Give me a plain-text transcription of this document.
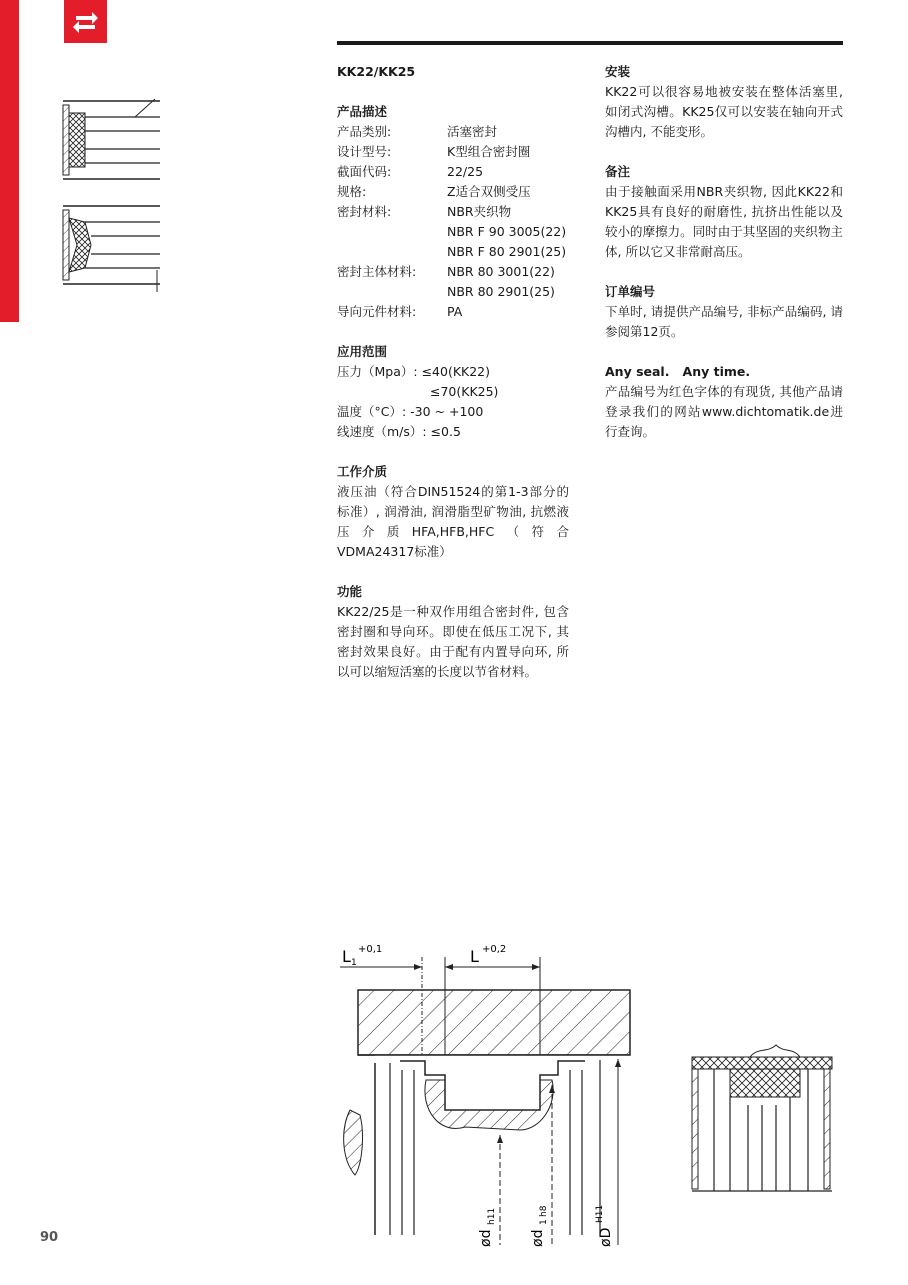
KK22/KK25
产品描述
产品类别:	活塞密封
设计型号:	K型组合密封圈
截面代码:	22/25
规格:	Z适合双侧受压
密封材料:	NBR夹织物
NBR F 90 3005(22)
NBR F 80 2901(25)
密封主体材料:	NBR 80 3001(22)
NBR 80 2901(25)
导向元件材料:	PA
应用范围
压力（Mpa）: ≤40(KK22)
≤70(KK25)
温度（°C）: -30 ~ +100
线速度（m/s）: ≤0.5
工作介质
液压油（符合DIN51524的第1-3部分的标准）, 润滑油, 润滑脂型矿物油, 抗燃液压介质HFA,HFB,HFC（符合VDMA24317标准）
功能
KK22/25是一种双作用组合密封件, 包含密封圈和导向环。即使在低压工况下, 其密封效果良好。由于配有内置导向环, 所以可以缩短活塞的长度以节省材料。
安装
KK22可以很容易地被安装在整体活塞里, 如闭式沟槽。KK25仅可以安装在轴向开式沟槽内, 不能变形。
备注
由于接触面采用NBR夹织物, 因此KK22和KK25具有良好的耐磨性, 抗挤出性能以及较小的摩擦力。同时由于其坚固的夹织物主体, 所以它又非常耐高压。
订单编号
下单时, 请提供产品编号, 非标产品编码, 请参阅第12页。
Any seal.   Any time.
产品编号为红色字体的有现货, 其他产品请登录我们的网站www.dichtomatik.de进行查询。
L 1
+0,1	L +0,2
ød
h11
ød
1
h8
øD
H11
90
